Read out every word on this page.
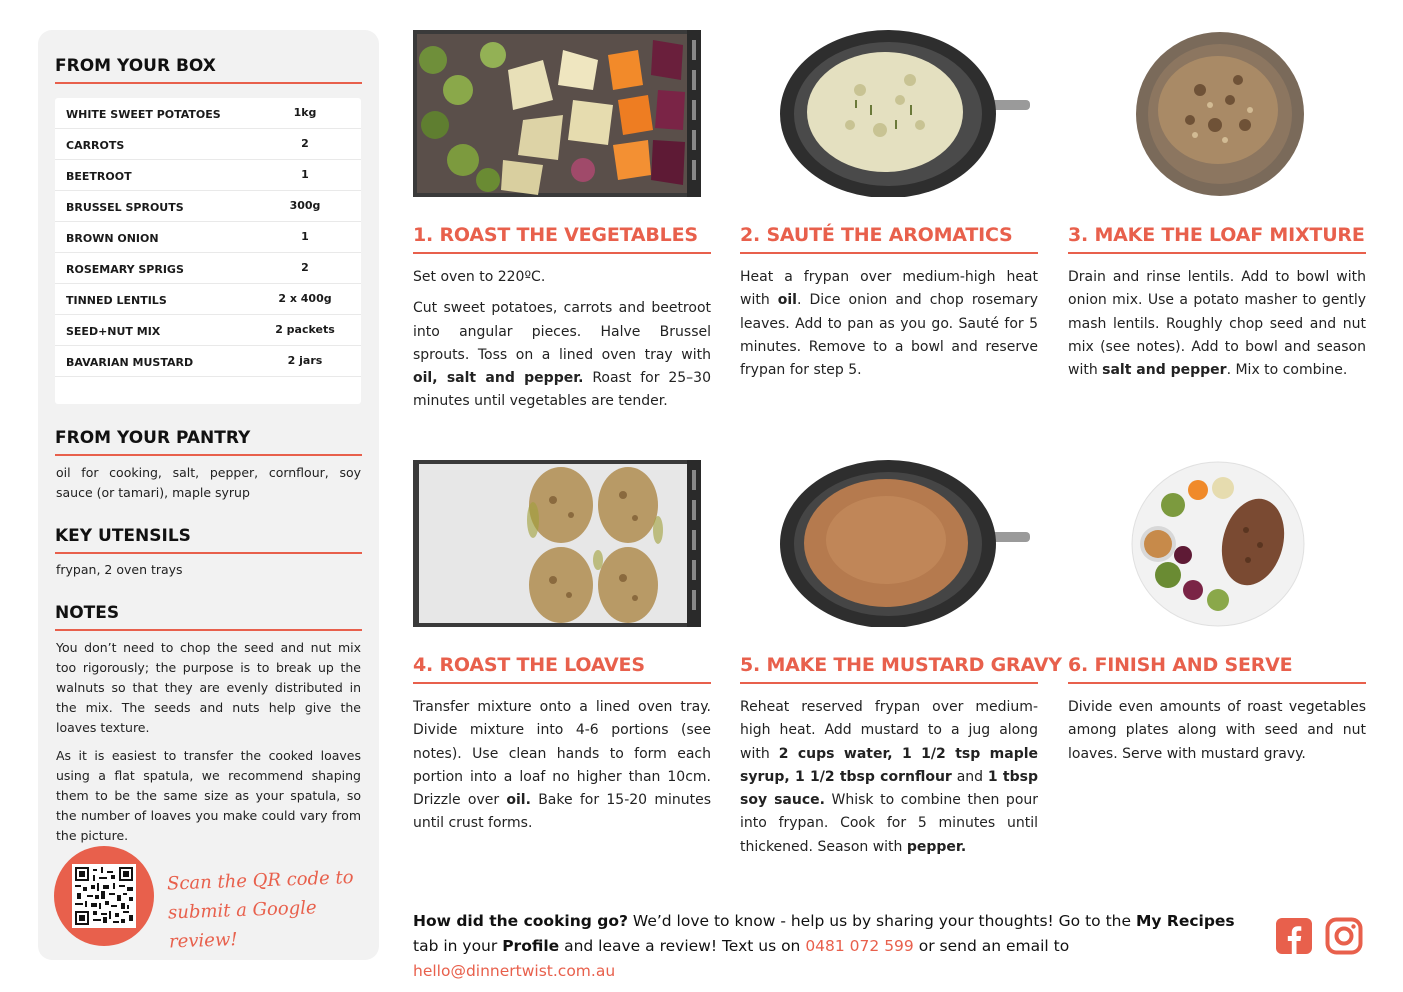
FROM YOUR BOX
WHITE SWEET POTATOES	1kg
CARROTS	2
BEETROOT	1
BRUSSEL SPROUTS	300g
BROWN ONION	1
ROSEMARY SPRIGS	2
TINNED LENTILS	2 x 400g
SEED+NUT MIX	2 packets
BAVARIAN MUSTARD	2 jars
FROM YOUR PANTRY
oil for cooking, salt, pepper, cornflour, soy sauce (or tamari), maple syrup
KEY UTENSILS
frypan, 2 oven trays
NOTES
You don’t need to chop the seed and nut mix too rigorously; the purpose is to break up the walnuts so that they are evenly distributed in the mix. The seeds and nuts help give the loaves texture.
As it is easiest to transfer the cooked loaves using a flat spatula, we recommend shaping them to be the same size as your spatula, so the number of loaves you make could vary from the picture.
Scan the QR code to
submit a Google review!
1. ROAST THE VEGETABLES

Set oven to 220ºC.

Cut sweet potatoes, carrots and beetroot into angular pieces. Halve Brussel sprouts. Toss on a lined oven tray with oil, salt and pepper. Roast for 25–30 minutes until vegetables are tender.

2. SAUTÉ THE AROMATICS

Heat a frypan over medium-high heat with oil. Dice onion and chop rosemary leaves. Add to pan as you go. Sauté for 5 minutes. Remove to a bowl and reserve frypan for step 5.

3. MAKE THE LOAF MIXTURE

Drain and rinse lentils. Add to bowl with onion mix. Use a potato masher to gently mash lentils. Roughly chop seed and nut mix (see notes). Add to bowl and season with salt and pepper. Mix to combine.

4. ROAST THE LOAVES

Transfer mixture onto a lined oven tray. Divide mixture into 4-6 portions (see notes). Use clean hands to form each portion into a loaf no higher than 10cm. Drizzle over oil. Bake for 15-20 minutes until crust forms.

5. MAKE THE MUSTARD GRAVY

Reheat reserved frypan over medium-high heat. Add mustard to a jug along with 2 cups water, 1 1/2 tsp maple syrup, 1 1/2 tbsp cornflour and 1 tbsp soy sauce. Whisk to combine then pour into frypan. Cook for 5 minutes until thickened. Season with pepper.

6. FINISH AND SERVE

Divide even amounts of roast vegetables among plates along with seed and nut loaves. Serve with mustard gravy.

How did the cooking go? We’d love to know - help us by sharing your thoughts! Go to the My Recipes tab in your Profile and leave a review! Text us on 0481 072 599 or send an email to hello@dinnertwist.com.au
